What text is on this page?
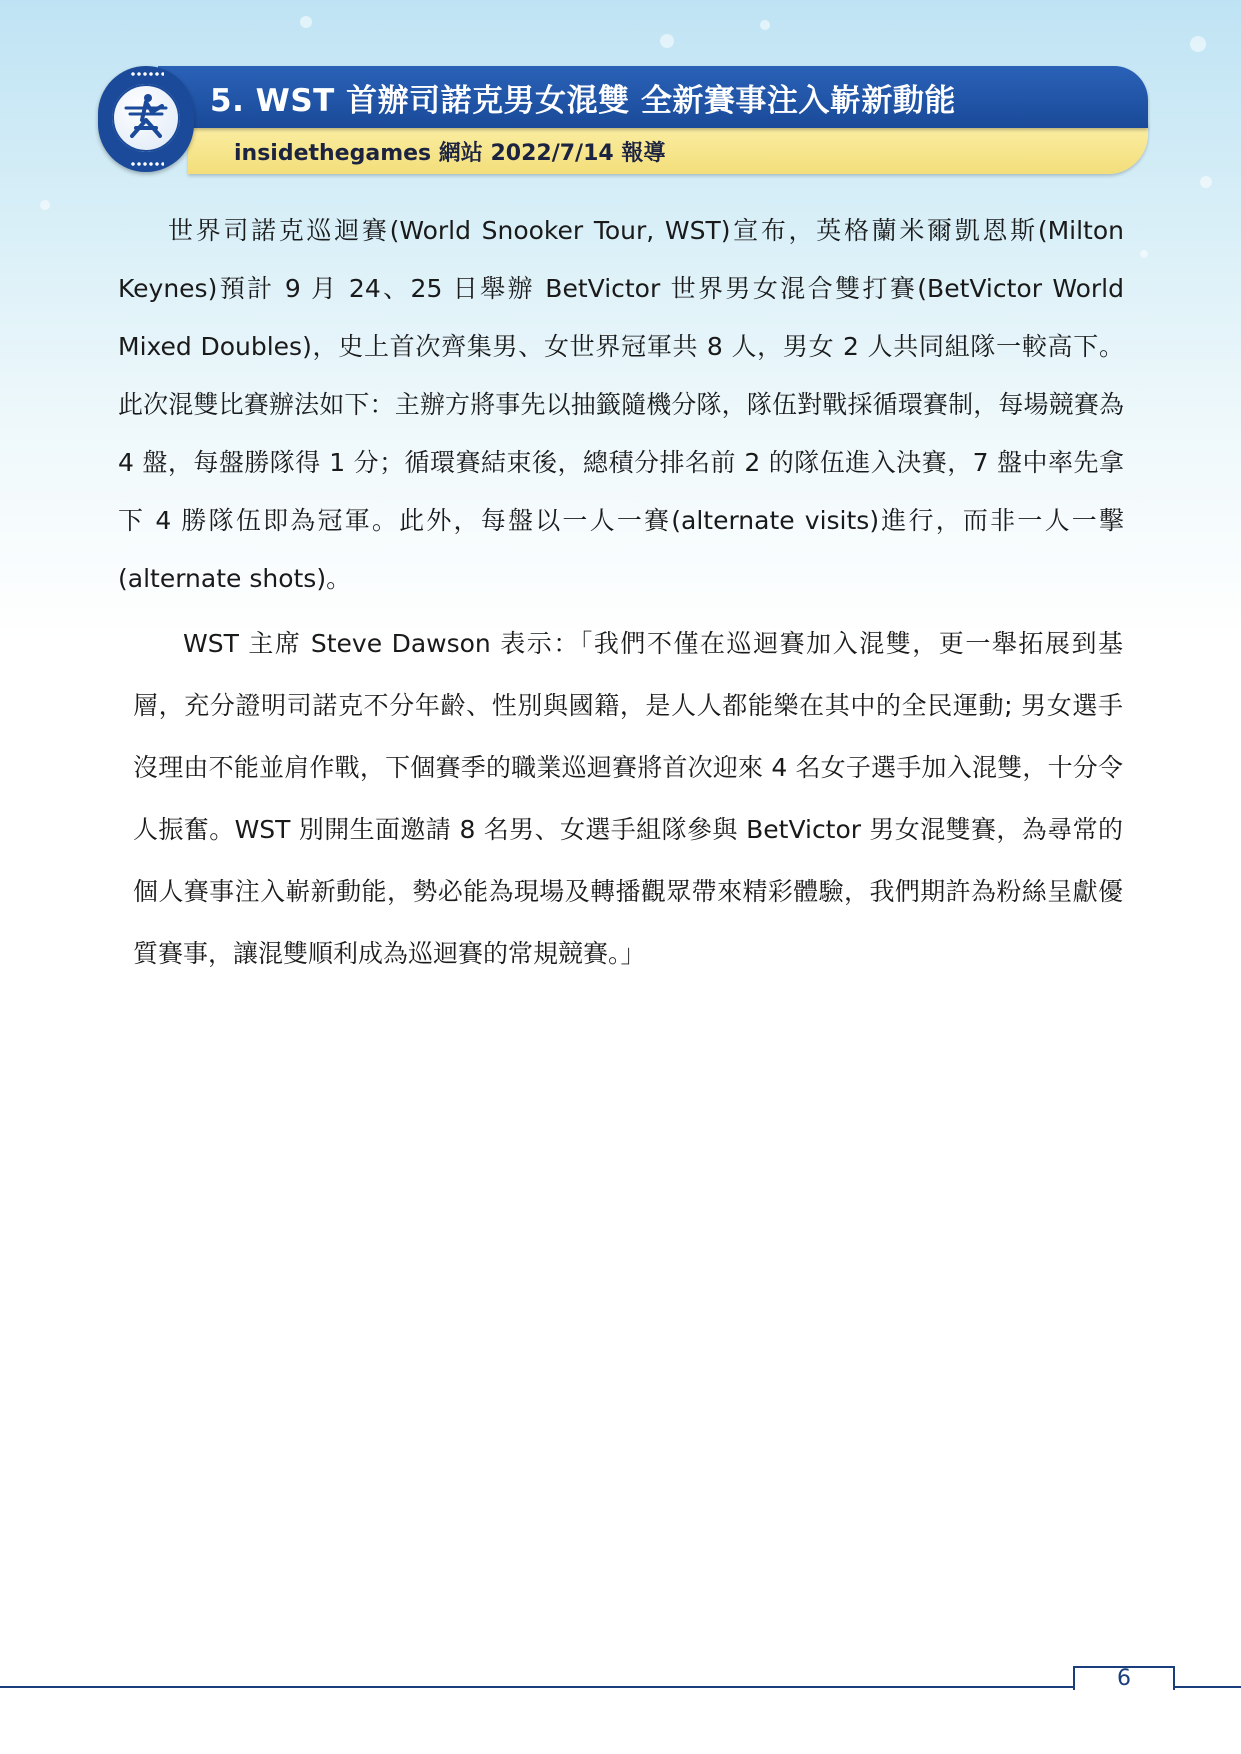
5. WST 首辦司諾克男女混雙 全新賽事注入嶄新動能

insidethegames 網站 2022/7/14 報導

世界司諾克巡迴賽(World Snooker Tour, WST)宣布，英格蘭米爾凱恩斯(Milton Keynes)預計 9 月 24、25 日舉辦 BetVictor 世界男女混合雙打賽(BetVictor World Mixed Doubles)，史上首次齊集男、女世界冠軍共 8 人，男女 2 人共同組隊一較高下。此次混雙比賽辦法如下：主辦方將事先以抽籤隨機分隊，隊伍對戰採循環賽制，每場競賽為 4 盤，每盤勝隊得 1 分；循環賽結束後，總積分排名前 2 的隊伍進入決賽，7 盤中率先拿下 4 勝隊伍即為冠軍。此外，每盤以一人一賽(alternate visits)進行，而非一人一擊(alternate shots)。

WST 主席 Steve Dawson 表示：「我們不僅在巡迴賽加入混雙，更一舉拓展到基層，充分證明司諾克不分年齡、性別與國籍，是人人都能樂在其中的全民運動; 男女選手沒理由不能並肩作戰，下個賽季的職業巡迴賽將首次迎來 4 名女子選手加入混雙，十分令人振奮。WST 別開生面邀請 8 名男、女選手組隊參與 BetVictor 男女混雙賽，為尋常的個人賽事注入嶄新動能，勢必能為現場及轉播觀眾帶來精彩體驗，我們期許為粉絲呈獻優質賽事，讓混雙順利成為巡迴賽的常規競賽。」

6
